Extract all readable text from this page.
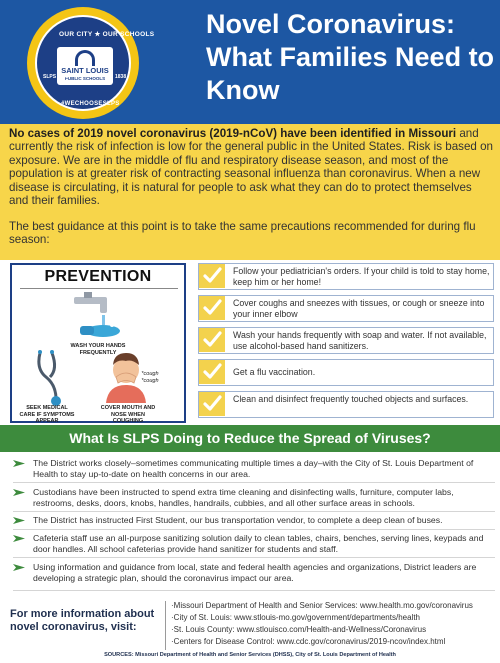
OUR CITY ★ OUR SCHOOLS
SAINT LOUIS
PUBLIC SCHOOLS
SLPS 1838	1838
#WECHOOSESLPS
Novel Coronavirus: What Families Need to Know
No cases of 2019 novel coronavirus (2019-nCoV) have been identified in Missouri and currently the risk of infection is low for the general public in the United States. Risk is based on exposure. We are in the middle of flu and respiratory disease season, and most of the population is at greater risk of contracting seasonal influenza than coronavirus. When a new disease is circulating, it is natural for people to ask what they can do to protect themselves and their families.
The best guidance at this point is to take the same precautions recommended for during flu season:
PREVENTION
WASH YOUR HANDS FREQUENTLY
SEEK MEDICAL CARE IF SYMPTOMS APPEAR
COVER MOUTH AND NOSE WHEN COUGHING
*cough *cough
Follow your pediatrician's orders. If your child is told to stay home, keep him or her home!
Cover coughs and sneezes with tissues, or cough or sneeze into your inner elbow
Wash your hands frequently with soap and water. If not available, use alcohol-based hand sanitizers.
Get a flu vaccination.
Clean and disinfect frequently touched objects and surfaces.
What Is SLPS Doing to Reduce the Spread of Viruses?
The District works closely–sometimes communicating multiple times a day–with the City of St. Louis Department of Health to stay up-to-date on health concerns in our area.
Custodians have been instructed to spend extra time cleaning and disinfecting walls, furniture, computer labs, restrooms, desks, doors, knobs, handles, handrails, cubbies, and all other surface areas in schools.
The District has instructed First Student, our bus transportation vendor, to complete a deep clean of buses.
Cafeteria staff use an all-purpose sanitizing solution daily to clean tables, chairs, benches, serving lines, keypads and door handles. All school cafeterias provide hand sanitizer for students and staff.
Using information and guidance from local, state and federal health agencies and organizations, District leaders are developing a strategic plan, should the coronavirus impact our area.
For more information about novel coronavirus, visit:
·Missouri Department of Health and Senior Services: www.health.mo.gov/coronavirus
·City of St. Louis: www.stlouis-mo.gov/government/departments/health
·St. Louis County: www.stlouisco.com/Health-and-Wellness/Coronavirus
·Centers for Disease Control: www.cdc.gov/coronavirus/2019-ncov/index.html
SOURCES: Missouri Department of Health and Senior Services (DHSS), City of St. Louis Department of Health
